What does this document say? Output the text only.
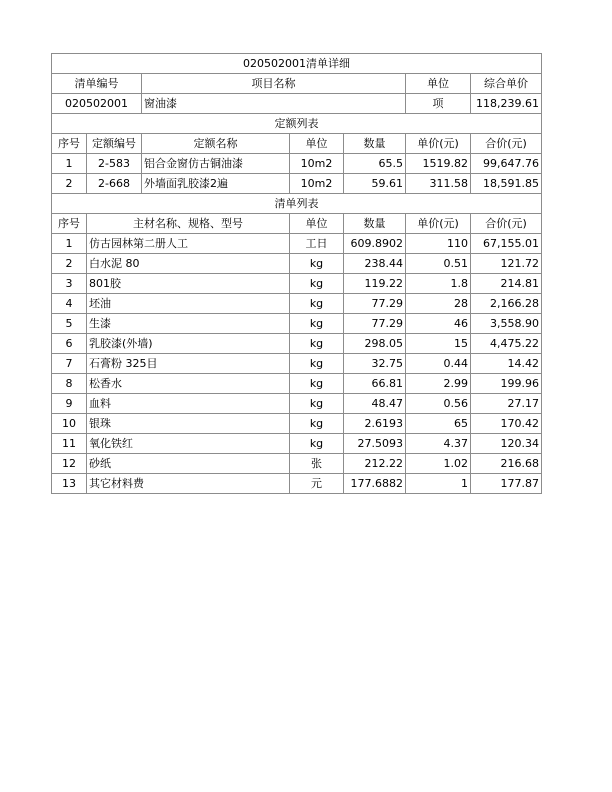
020502001清单详细						
清单编号		项目名称			单位	综合单价
020502001		窗油漆			项	118,239.61
定额列表						
序号	定额编号	定额名称	单位	数量	单价(元)	合价(元)
1	2-583	铝合金窗仿古铜油漆	10m2	65.5	1519.82	99,647.76
2	2-668	外墙面乳胶漆2遍	10m2	59.61	311.58	18,591.85
清单列表						
序号	主材名称、规格、型号		单位	数量	单价(元)	合价(元)
1	仿古园林第二册人工		工日	609.8902	110	67,155.01
2	白水泥 80		kg	238.44	0.51	121.72
3	801胶		kg	119.22	1.8	214.81
4	坯油		kg	77.29	28	2,166.28
5	生漆		kg	77.29	46	3,558.90
6	乳胶漆(外墙)		kg	298.05	15	4,475.22
7	石膏粉 325目		kg	32.75	0.44	14.42
8	松香水		kg	66.81	2.99	199.96
9	血料		kg	48.47	0.56	27.17
10	银珠		kg	2.6193	65	170.42
11	氧化铁红		kg	27.5093	4.37	120.34
12	砂纸		张	212.22	1.02	216.68
13	其它材料费		元	177.6882	1	177.87
